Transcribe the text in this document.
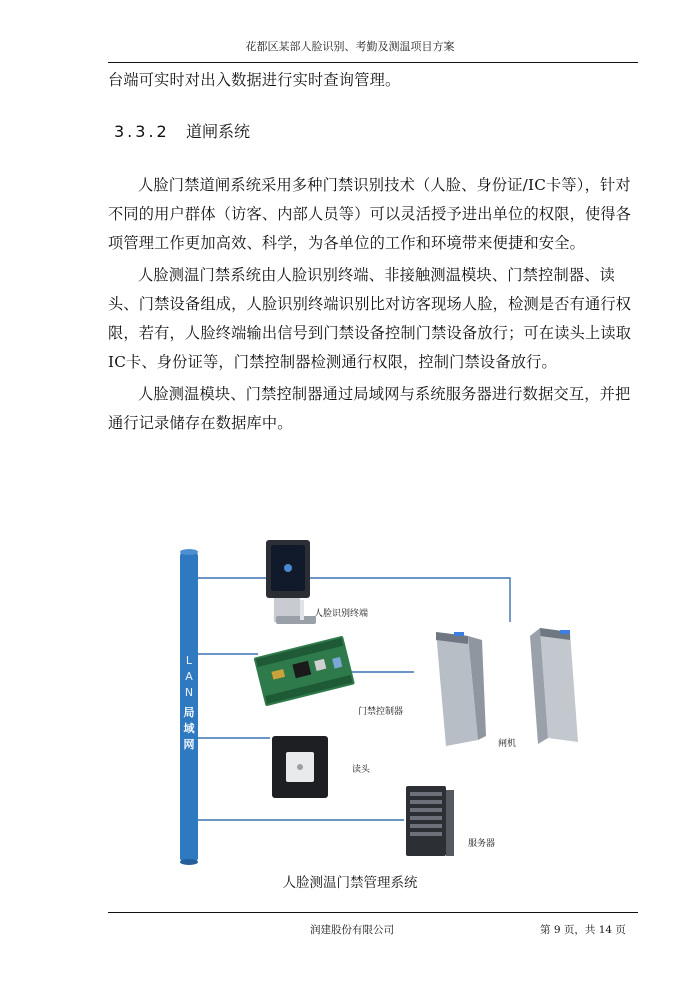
花都区某部人脸识别、考勤及测温项目方案

台端可实时对出入数据进行实时查询管理。

3.3.2 道闸系统

人脸门禁道闸系统采用多种门禁识别技术（人脸、身份证/IC卡等），针对不同的用户群体（访客、内部人员等）可以灵活授予进出单位的权限，使得各项管理工作更加高效、科学，为各单位的工作和环境带来便捷和安全。

人脸测温门禁系统由人脸识别终端、非接触测温模块、门禁控制器、读头、门禁设备组成，人脸识别终端识别比对访客现场人脸，检测是否有通行权限，若有，人脸终端输出信号到门禁设备控制门禁设备放行；可在读头上读取IC卡、身份证等，门禁控制器检测通行权限，控制门禁设备放行。

人脸测温模块、门禁控制器通过局域网与系统服务器进行数据交互，并把通行记录储存在数据库中。

L
A
N
局
域
网
人脸识别终端
门禁控制器
读头
闸机
服务器
人脸测温门禁管理系统
润建股份有限公司	第 9 页，共 14 页
